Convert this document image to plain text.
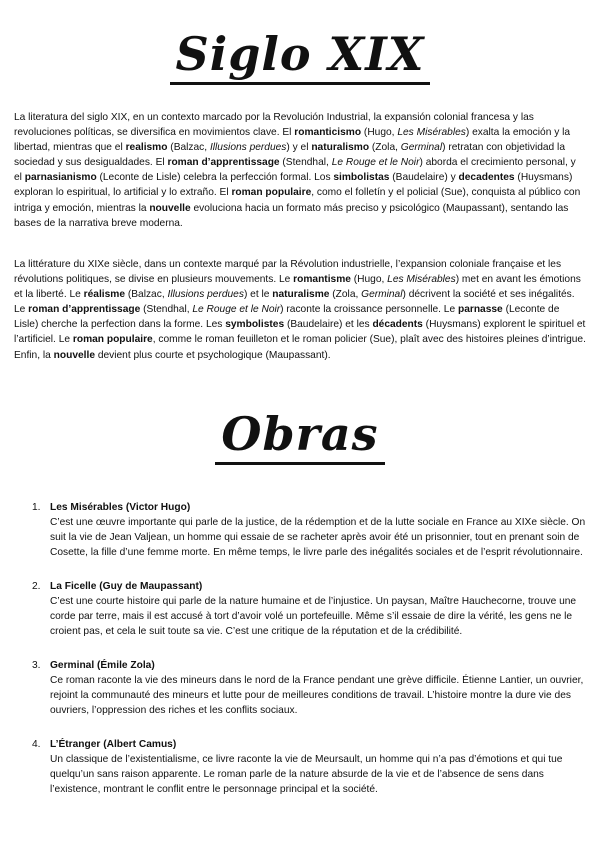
Siglo XIX

La literatura del siglo XIX, en un contexto marcado por la Revolución Industrial, la expansión colonial francesa y las revoluciones políticas, se diversifica en movimientos clave. El romanticismo (Hugo, Les Misérables) exalta la emoción y la libertad, mientras que el realismo (Balzac, Illusions perdues) y el naturalismo (Zola, Germinal) retratan con objetividad la sociedad y sus desigualdades. El roman d’apprentissage (Stendhal, Le Rouge et le Noir) aborda el crecimiento personal, y el parnasianismo (Leconte de Lisle) celebra la perfección formal. Los simbolistas (Baudelaire) y decadentes (Huysmans) exploran lo espiritual, lo artificial y lo extraño. El roman populaire, como el folletín y el policial (Sue), conquista al público con intriga y emoción, mientras la nouvelle evoluciona hacia un formato más preciso y psicológico (Maupassant), sentando las bases de la narrativa breve moderna.

La littérature du XIXe siècle, dans un contexte marqué par la Révolution industrielle, l’expansion coloniale française et les révolutions politiques, se divise en plusieurs mouvements. Le romantisme (Hugo, Les Misérables) met en avant les émotions et la liberté. Le réalisme (Balzac, Illusions perdues) et le naturalisme (Zola, Germinal) décrivent la société et ses inégalités. Le roman d’apprentissage (Stendhal, Le Rouge et le Noir) raconte la croissance personnelle. Le parnasse (Leconte de Lisle) cherche la perfection dans la forme. Les symbolistes (Baudelaire) et les décadents (Huysmans) explorent le spirituel et l’artificiel. Le roman populaire, comme le roman feuilleton et le roman policier (Sue), plaît avec des histoires pleines d’intrigue. Enfin, la nouvelle devient plus courte et psychologique (Maupassant).

Obras
1. Les Misérables (Victor Hugo)
C’est une œuvre importante qui parle de la justice, de la rédemption et de la lutte sociale en France au XIXe siècle. On suit la vie de Jean Valjean, un homme qui essaie de se racheter après avoir été un prisonnier, tout en prenant soin de Cosette, la fille d’une femme morte. En même temps, le livre parle des inégalités sociales et de l’esprit révolutionnaire.
2. La Ficelle (Guy de Maupassant)
C’est une courte histoire qui parle de la nature humaine et de l’injustice. Un paysan, Maître Hauchecorne, trouve une corde par terre, mais il est accusé à tort d’avoir volé un portefeuille. Même s’il essaie de dire la vérité, les gens ne le croient pas, et cela le suit toute sa vie. C’est une critique de la réputation et de la crédibilité.
3. Germinal (Émile Zola)
Ce roman raconte la vie des mineurs dans le nord de la France pendant une grève difficile. Étienne Lantier, un ouvrier, rejoint la communauté des mineurs et lutte pour de meilleures conditions de travail. L’histoire montre la dure vie des ouvriers, l’oppression des riches et les conflits sociaux.
4. L’Étranger (Albert Camus)
Un classique de l’existentialisme, ce livre raconte la vie de Meursault, un homme qui n’a pas d’émotions et qui tue quelqu’un sans raison apparente. Le roman parle de la nature absurde de la vie et de l’absence de sens dans l’existence, montrant le conflit entre le personnage principal et la société.
